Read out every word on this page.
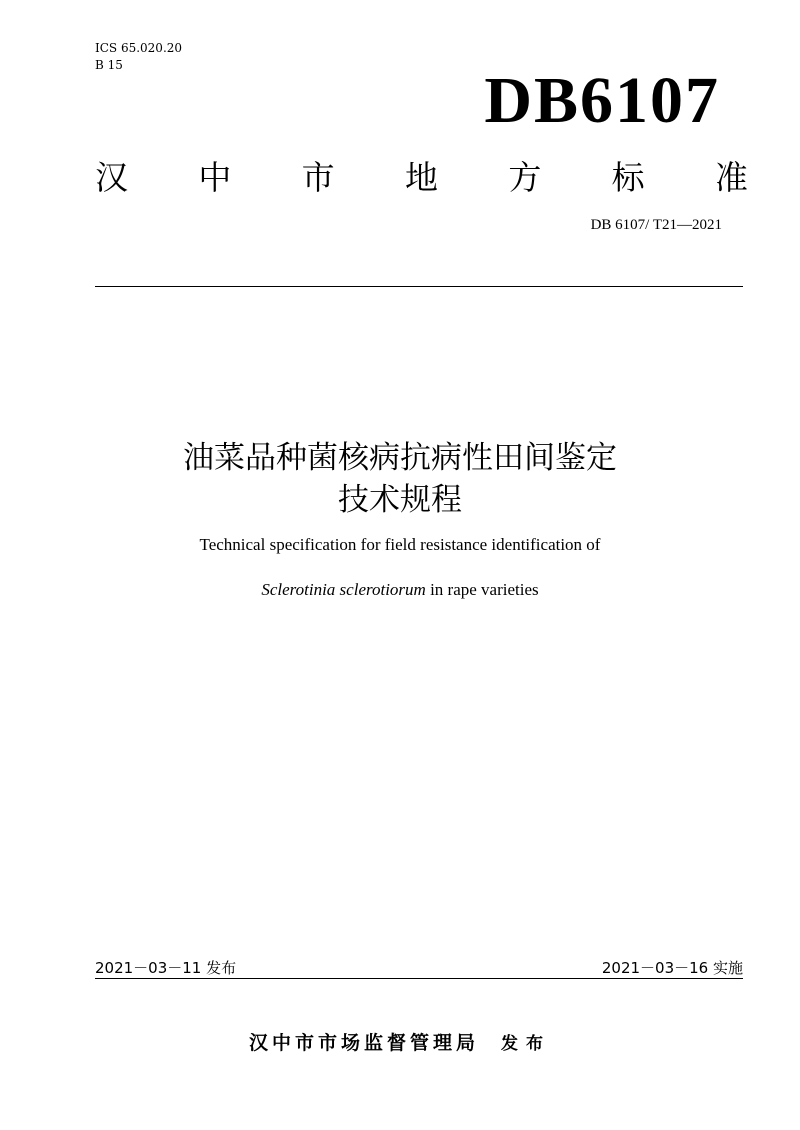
ICS 65.020.20
B 15	DB6107
汉 中 市 地 方 标 准
DB 6107/ T21—2021
油菜品种菌核病抗病性田间鉴定
技术规程
Technical specification for field resistance identification of
Sclerotinia sclerotiorum in rape varieties
2021－03－11 发布	2021－03－16 实施
汉中市市场监督管理局 发布
